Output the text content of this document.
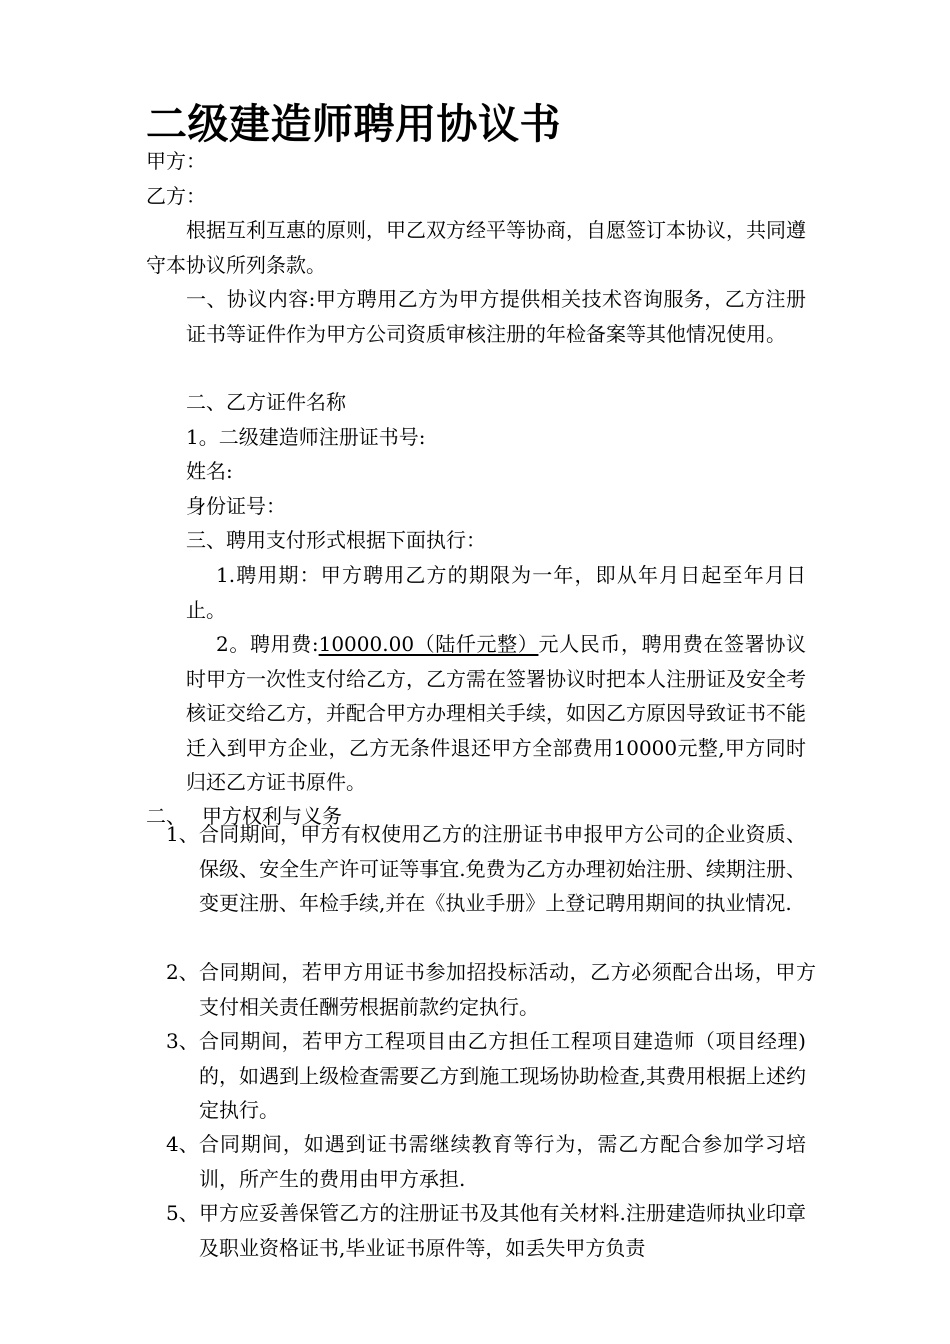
二级建造师聘用协议书

甲方：

乙方：

根据互利互惠的原则，甲乙双方经平等协商，自愿签订本协议，共同遵守本协议所列条款。

一、协议内容:甲方聘用乙方为甲方提供相关技术咨询服务，乙方注册证书等证件作为甲方公司资质审核注册的年检备案等其他情况使用。

二、乙方证件名称

1。二级建造师注册证书号:

姓名:

身份证号：

三、聘用支付形式根据下面执行：

1.聘用期：甲方聘用乙方的期限为一年，即从年月日起至年月日止。

2。聘用费:10000.00（陆仟元整）元人民币，聘用费在签署协议时甲方一次性支付给乙方，乙方需在签署协议时把本人注册证及安全考核证交给乙方，并配合甲方办理相关手续，如因乙方原因导致证书不能迁入到甲方企业，乙方无条件退还甲方全部费用10000元整,甲方同时归还乙方证书原件。

二、 甲方权利与义务
1、 合同期间，甲方有权使用乙方的注册证书申报甲方公司的企业资质、保级、安全生产许可证等事宜.免费为乙方办理初始注册、续期注册、变更注册、年检手续,并在《执业手册》上登记聘用期间的执业情况.
2、 合同期间，若甲方用证书参加招投标活动，乙方必须配合出场，甲方支付相关责任酬劳根据前款约定执行。
3、 合同期间，若甲方工程项目由乙方担任工程项目建造师（项目经理)的，如遇到上级检查需要乙方到施工现场协助检查,其费用根据上述约定执行。
4、 合同期间，如遇到证书需继续教育等行为，需乙方配合参加学习培训，所产生的费用由甲方承担.
5、 甲方应妥善保管乙方的注册证书及其他有关材料.注册建造师执业印章及职业资格证书,毕业证书原件等，如丢失甲方负责
